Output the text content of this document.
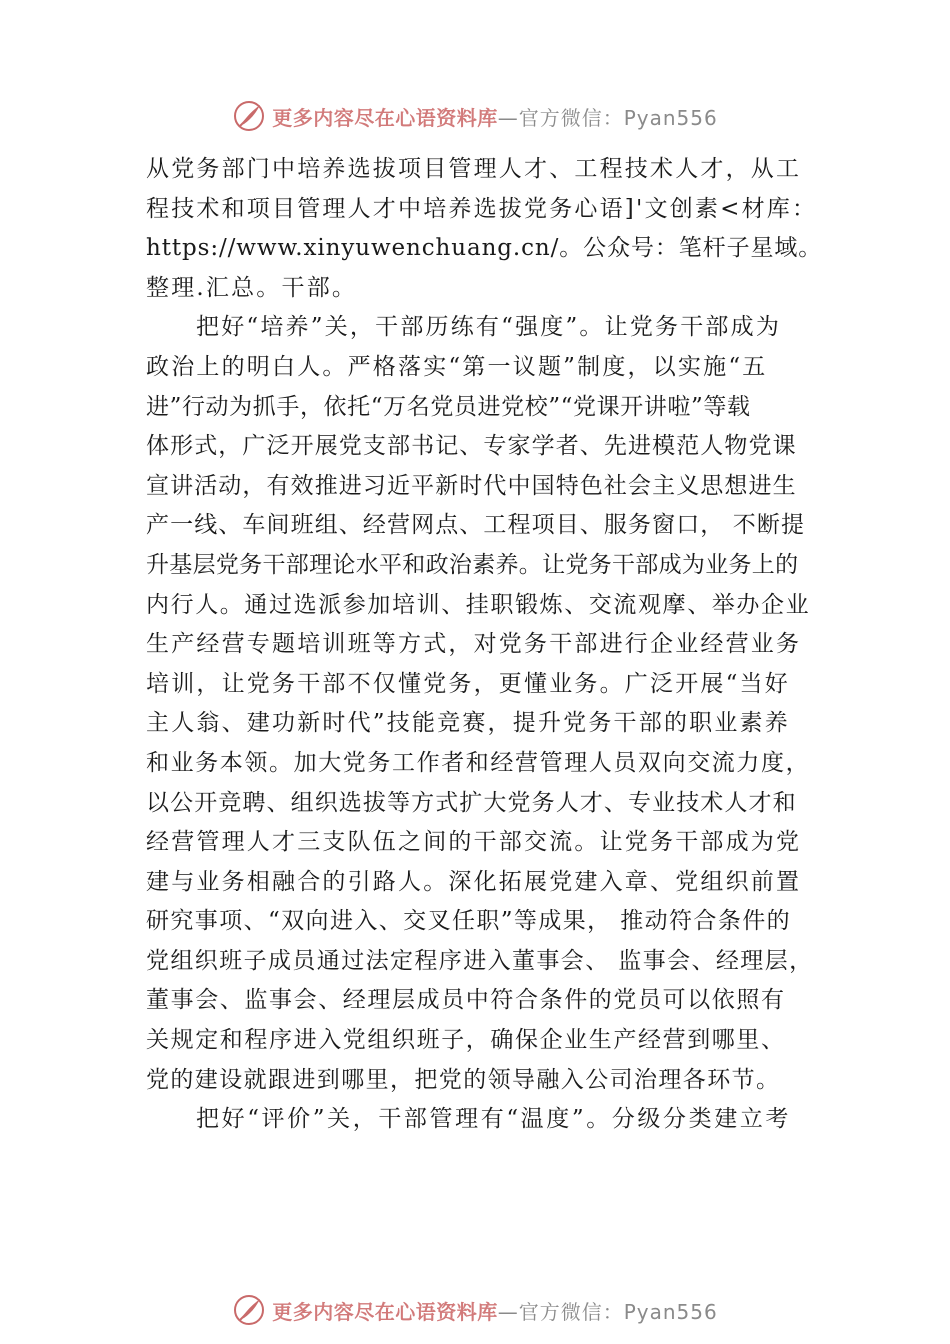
更多内容尽在心语资料库 —官方微信：Pyan556
从党务部门中培养选拔项目管理人才、工程技术人才，从工
程技术和项目管理人才中培养选拔党务心语]'文创素<材库：
https://www.xinyuwenchuang.cn/。公众号：笔杆子星域。
整理.汇总。干部。
把好“培养”关，干部历练有“强度”。让党务干部成为
政治上的明白人。严格落实“第一议题”制度，以实施“五
进”行动为抓手，依托“万名党员进党校”“党课开讲啦”等载
体形式，广泛开展党支部书记、专家学者、先进模范人物党课
宣讲活动，有效推进习近平新时代中国特色社会主义思想进生
产一线、车间班组、经营网点、工程项目、服务窗口， 不断提
升基层党务干部理论水平和政治素养。让党务干部成为业务上的
内行人。通过选派参加培训、挂职锻炼、交流观摩、举办企业
生产经营专题培训班等方式，对党务干部进行企业经营业务
培训，让党务干部不仅懂党务，更懂业务。广泛开展“当好
主人翁、建功新时代”技能竞赛，提升党务干部的职业素养
和业务本领。加大党务工作者和经营管理人员双向交流力度，
以公开竞聘、组织选拔等方式扩大党务人才、专业技术人才和
经营管理人才三支队伍之间的干部交流。让党务干部成为党
建与业务相融合的引路人。深化拓展党建入章、党组织前置
研究事项、“双向进入、交叉任职”等成果， 推动符合条件的
党组织班子成员通过法定程序进入董事会、 监事会、经理层，
董事会、监事会、经理层成员中符合条件的党员可以依照有
关规定和程序进入党组织班子，确保企业生产经营到哪里、
党的建设就跟进到哪里，把党的领导融入公司治理各环节。
把好“评价”关，干部管理有“温度”。分级分类建立考
更多内容尽在心语资料库 —官方微信：Pyan556
